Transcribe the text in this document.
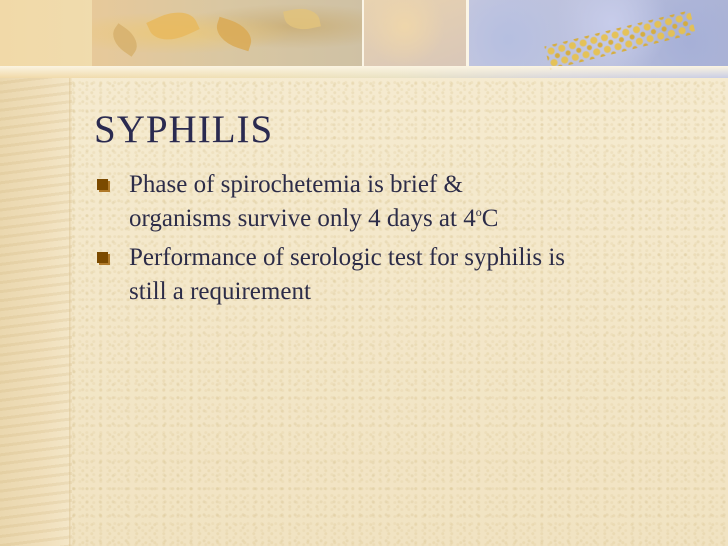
SYPHILIS
Phase of spirochetemia is brief &
organisms survive only 4 days at 4$^o$C
Performance of serologic test for syphilis is
still a requirement
